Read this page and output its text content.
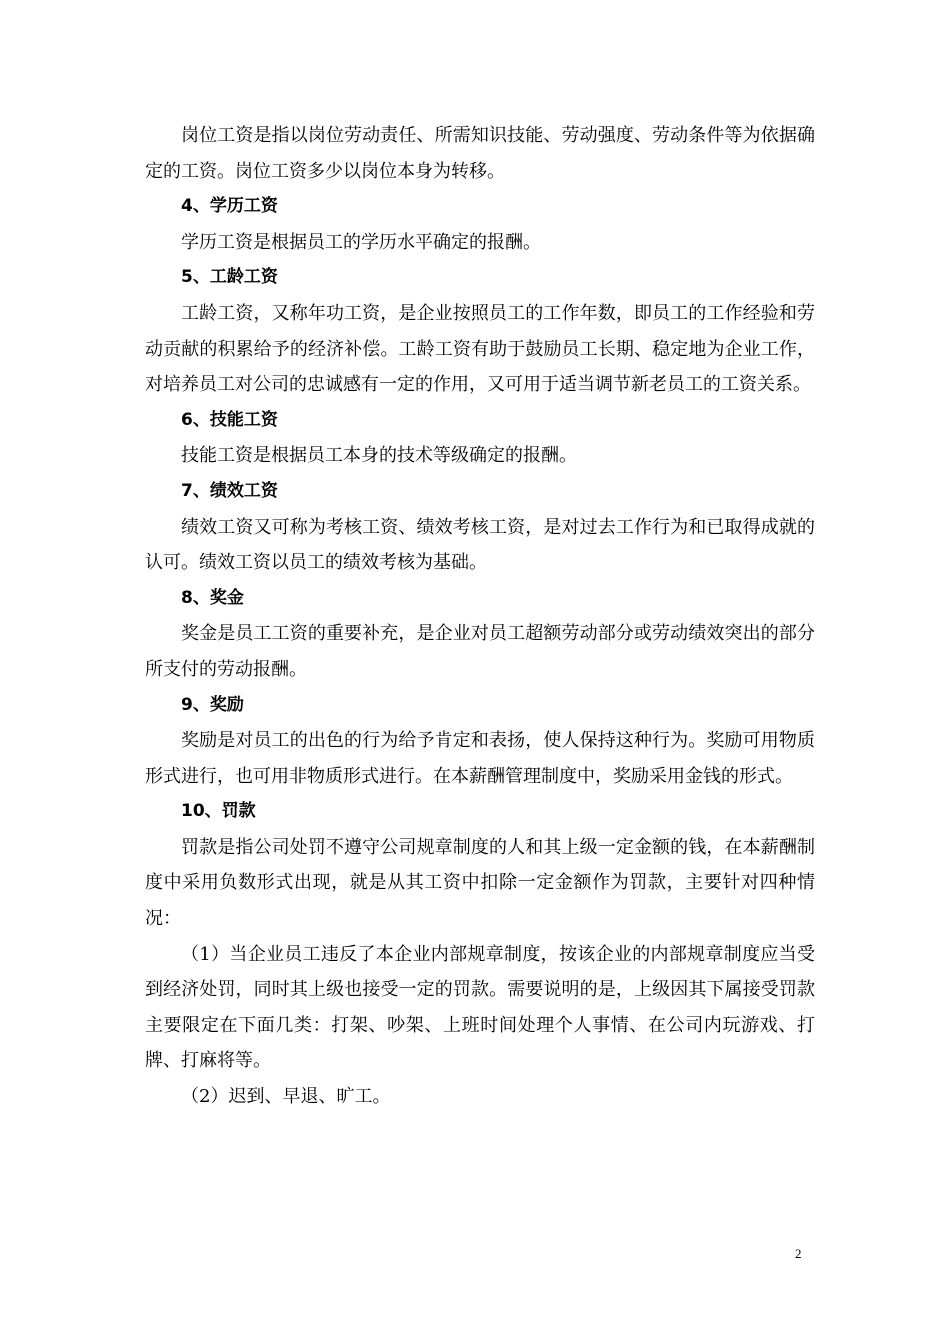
岗位工资是指以岗位劳动责任、所需知识技能、劳动强度、劳动条件等为依据确定的工资。岗位工资多少以岗位本身为转移。

4、学历工资

学历工资是根据员工的学历水平确定的报酬。

5、工龄工资

工龄工资，又称年功工资，是企业按照员工的工作年数，即员工的工作经验和劳动贡献的积累给予的经济补偿。工龄工资有助于鼓励员工长期、稳定地为企业工作，对培养员工对公司的忠诚感有一定的作用，又可用于适当调节新老员工的工资关系。

6、技能工资

技能工资是根据员工本身的技术等级确定的报酬。

7、绩效工资

绩效工资又可称为考核工资、绩效考核工资，是对过去工作行为和已取得成就的认可。绩效工资以员工的绩效考核为基础。

8、奖金

奖金是员工工资的重要补充，是企业对员工超额劳动部分或劳动绩效突出的部分所支付的劳动报酬。

9、奖励

奖励是对员工的出色的行为给予肯定和表扬，使人保持这种行为。奖励可用物质形式进行，也可用非物质形式进行。在本薪酬管理制度中，奖励采用金钱的形式。

10、罚款

罚款是指公司处罚不遵守公司规章制度的人和其上级一定金额的钱，在本薪酬制度中采用负数形式出现，就是从其工资中扣除一定金额作为罚款，主要针对四种情况：

（1）当企业员工违反了本企业内部规章制度，按该企业的内部规章制度应当受到经济处罚，同时其上级也接受一定的罚款。需要说明的是，上级因其下属接受罚款主要限定在下面几类：打架、吵架、上班时间处理个人事情、在公司内玩游戏、打牌、打麻将等。

（2）迟到、早退、旷工。

2
